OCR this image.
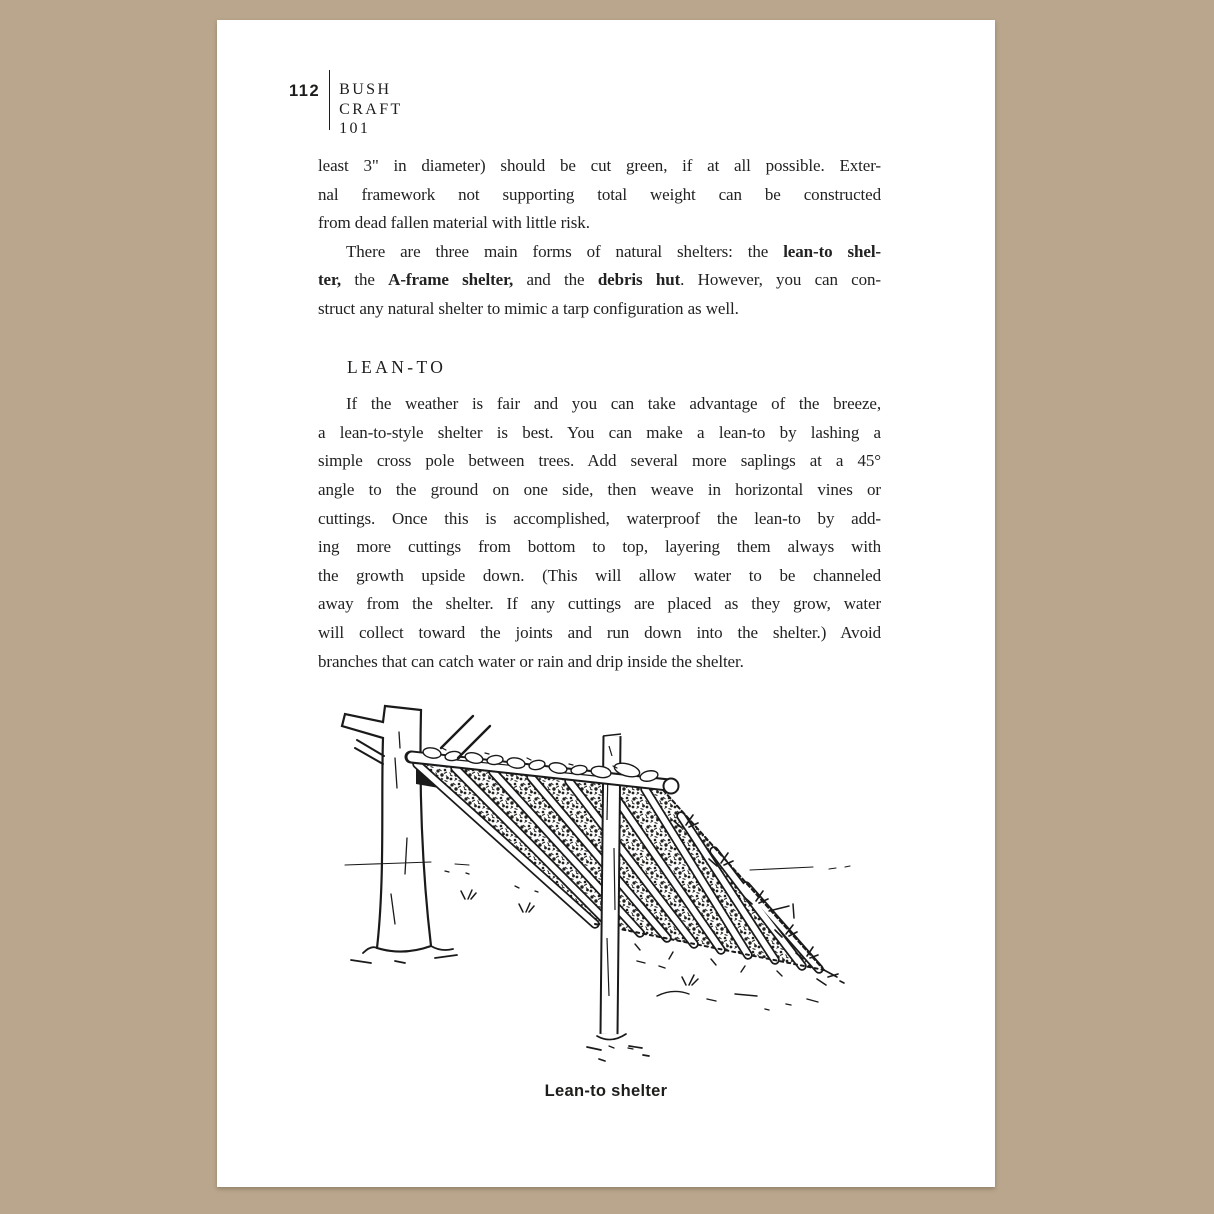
112 BUSH
CRAFT
101
least 3" in diameter) should be cut green, if at all possible. Exter-
nal framework not supporting total weight can be constructed
from dead fallen material with little risk.
There are three main forms of natural shelters: the lean-to shel-
ter, the A-frame shelter, and the debris hut. However, you can con-
struct any natural shelter to mimic a tarp configuration as well.
LEAN-TO
If the weather is fair and you can take advantage of the breeze,
a lean-to-style shelter is best. You can make a lean-to by lashing a
simple cross pole between trees. Add several more saplings at a 45°
angle to the ground on one side, then weave in horizontal vines or
cuttings. Once this is accomplished, waterproof the lean-to by add-
ing more cuttings from bottom to top, layering them always with
the growth upside down. (This will allow water to be channeled
away from the shelter. If any cuttings are placed as they grow, water
will collect toward the joints and run down into the shelter.) Avoid
branches that can catch water or rain and drip inside the shelter.
Lean-to shelter
